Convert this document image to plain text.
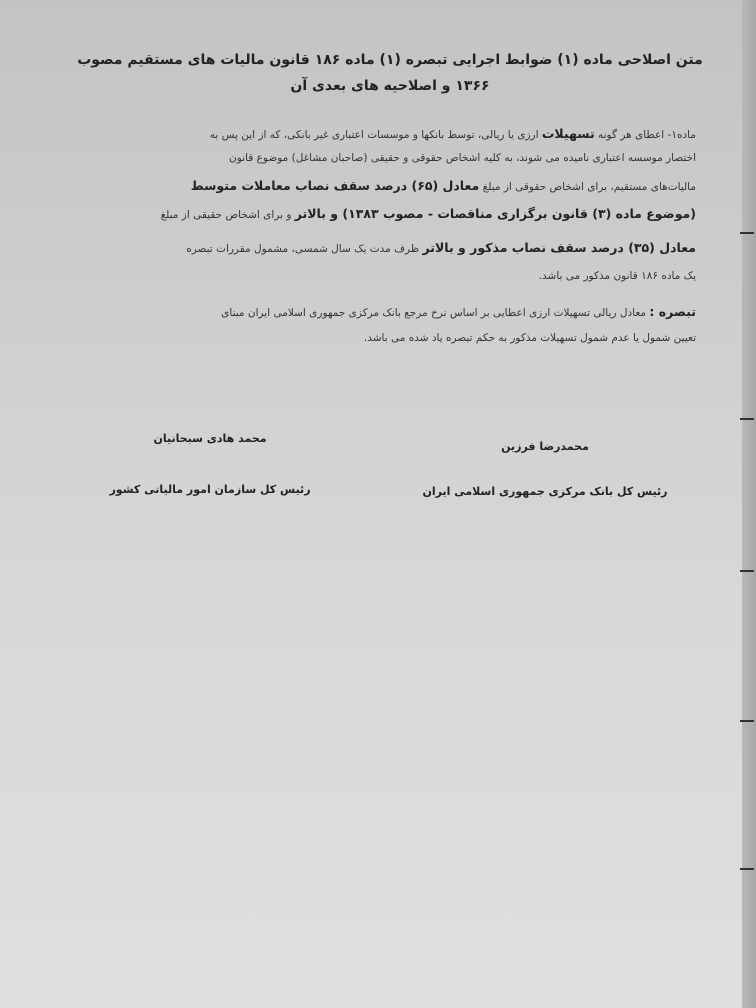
متن اصلاحی ماده (۱) ضوابط اجرایی تبصره (۱) ماده ۱۸۶ قانون مالیات های مستقیم مصوب
۱۳۶۶ و اصلاحیه های بعدی آن
ماده۱- اعطای هر گونه تسهیلات ارزی یا ریالی، توسط بانکها و موسسات اعتباری غیر بانکی، که از این پس به
اختصار موسسه اعتباری نامیده می شوند، به کلیه اشخاص حقوقی و حقیقی (صاحبان مشاغل) موضوع قانون
مالیات‌های مستقیم، برای اشخاص حقوقی از مبلغ معادل (۶۵) درصد سقف نصاب معاملات متوسط
(موضوع ماده (۳) قانون برگزاری مناقصات - مصوب ۱۳۸۳) و بالاتر و برای اشخاص حقیقی از مبلغ
معادل (۳۵) درصد سقف نصاب مذکور و بالاتر ظرف مدت یک سال شمسی، مشمول مقررات تبصره
یک ماده ۱۸۶ قانون مذکور می باشد.
تبصره : معادل ریالی تسهیلات ارزی اعطایی بر اساس نرخ مرجع بانک مرکزی جمهوری اسلامی ایران مبنای
تعیین شمول یا عدم شمول تسهیلات مذکور به حکم تبصره یاد شده می باشد.
محمد هادی سبحانیان
رئیس کل سازمان امور مالیاتی کشور
محمدرضا فرزین
رئیس کل بانک مرکزی جمهوری اسلامی ایران
